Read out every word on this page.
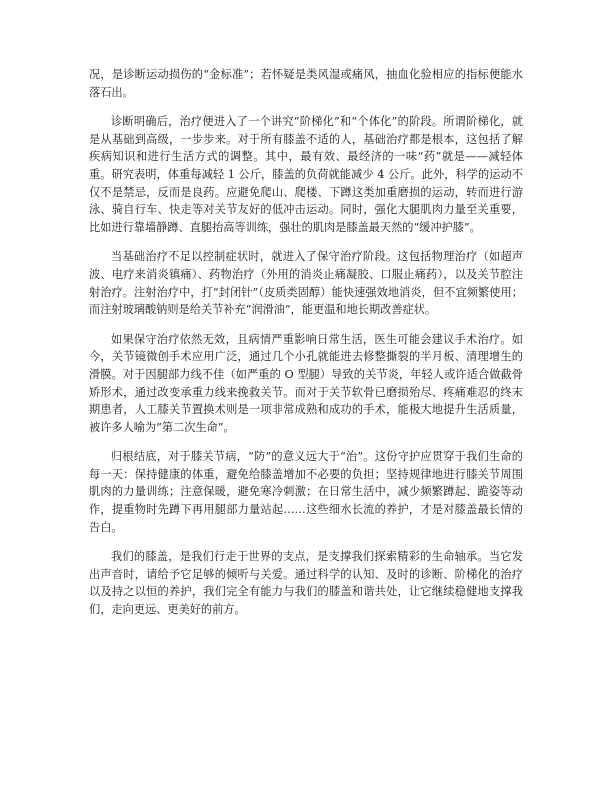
况，是诊断运动损伤的“金标准”；若怀疑是类风湿或痛风，抽血化验相应的指标便能水落石出。

诊断明确后，治疗便进入了一个讲究“阶梯化”和“个体化”的阶段。所谓阶梯化，就是从基础到高级，一步步来。对于所有膝盖不适的人，基础治疗都是根本，这包括了解疾病知识和进行生活方式的调整。其中，最有效、最经济的一味“药”就是——减轻体重。研究表明，体重每减轻 1 公斤，膝盖的负荷就能减少 4 公斤。此外，科学的运动不仅不是禁忌，反而是良药。应避免爬山、爬楼、下蹲这类加重磨损的运动，转而进行游泳、骑自行车、快走等对关节友好的低冲击运动。同时，强化大腿肌肉力量至关重要，比如进行靠墙静蹲、直腿抬高等训练，强壮的肌肉是膝盖最天然的“缓冲护膝”。

当基础治疗不足以控制症状时，就进入了保守治疗阶段。这包括物理治疗（如超声波、电疗来消炎镇痛）、药物治疗（外用的消炎止痛凝胶、口服止痛药），以及关节腔注射治疗。注射治疗中，打“封闭针”（皮质类固醇）能快速强效地消炎，但不宜频繁使用；而注射玻璃酸钠则是给关节补充“润滑油”，能更温和地长期改善症状。

如果保守治疗依然无效，且病情严重影响日常生活，医生可能会建议手术治疗。如今，关节镜微创手术应用广泛，通过几个小孔就能进去修整撕裂的半月板、清理增生的滑膜。对于因腿部力线不佳（如严重的 O 型腿）导致的关节炎，年轻人或许适合做截骨矫形术，通过改变承重力线来挽救关节。而对于关节软骨已磨损殆尽、疼痛难忍的终末期患者，人工膝关节置换术则是一项非常成熟和成功的手术，能极大地提升生活质量，被许多人喻为“第二次生命”。

归根结底，对于膝关节病，“防”的意义远大于“治”。这份守护应贯穿于我们生命的每一天：保持健康的体重，避免给膝盖增加不必要的负担；坚持规律地进行膝关节周围肌肉的力量训练；注意保暖，避免寒冷刺激；在日常生活中，减少频繁蹲起、跪姿等动作，提重物时先蹲下再用腿部力量站起……这些细水长流的养护，才是对膝盖最长情的告白。

我们的膝盖，是我们行走于世界的支点，是支撑我们探索精彩的生命轴承。当它发出声音时，请给予它足够的倾听与关爱。通过科学的认知、及时的诊断、阶梯化的治疗以及持之以恒的养护，我们完全有能力与我们的膝盖和谐共处，让它继续稳健地支撑我们，走向更远、更美好的前方。
